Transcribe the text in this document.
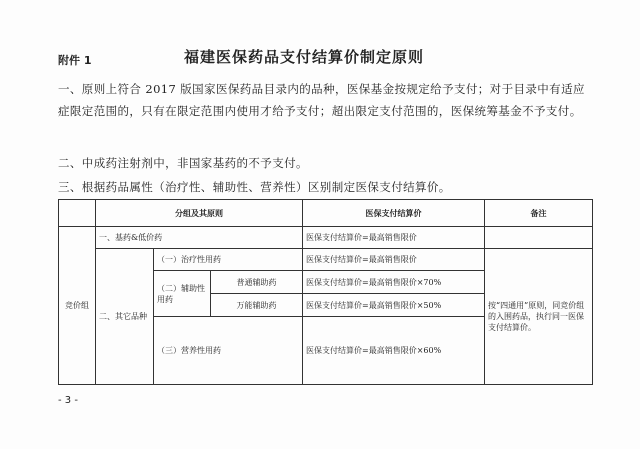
附件 1	福建医保药品支付结算价制定原则
一、原则上符合 2017 版国家医保药品目录内的品种，医保基金按规定给予支付；对于目录中有适应症限定范围的，只有在限定范围内使用才给予支付；超出限定支付范围的，医保统筹基金不予支付。
二、中成药注射剂中，非国家基药的不予支付。
三、根据药品属性（治疗性、辅助性、营养性）区别制定医保支付结算价。
	分组及其原则			医保支付结算价	备注
竞价组	一、基药&低价药			医保支付结算价=最高销售限价	
	二、其它品种	（一）治疗性用药		医保支付结算价=最高销售限价	按“四通用”原则，同竞价组的入围药品，执行同一医保支付结算价。
		（二）辅助性用药	普通辅助药	医保支付结算价=最高销售限价×70%	
			万能辅助药	医保支付结算价=最高销售限价×50%	
		（三）营养性用药		医保支付结算价=最高销售限价×60%	

- 3 -
